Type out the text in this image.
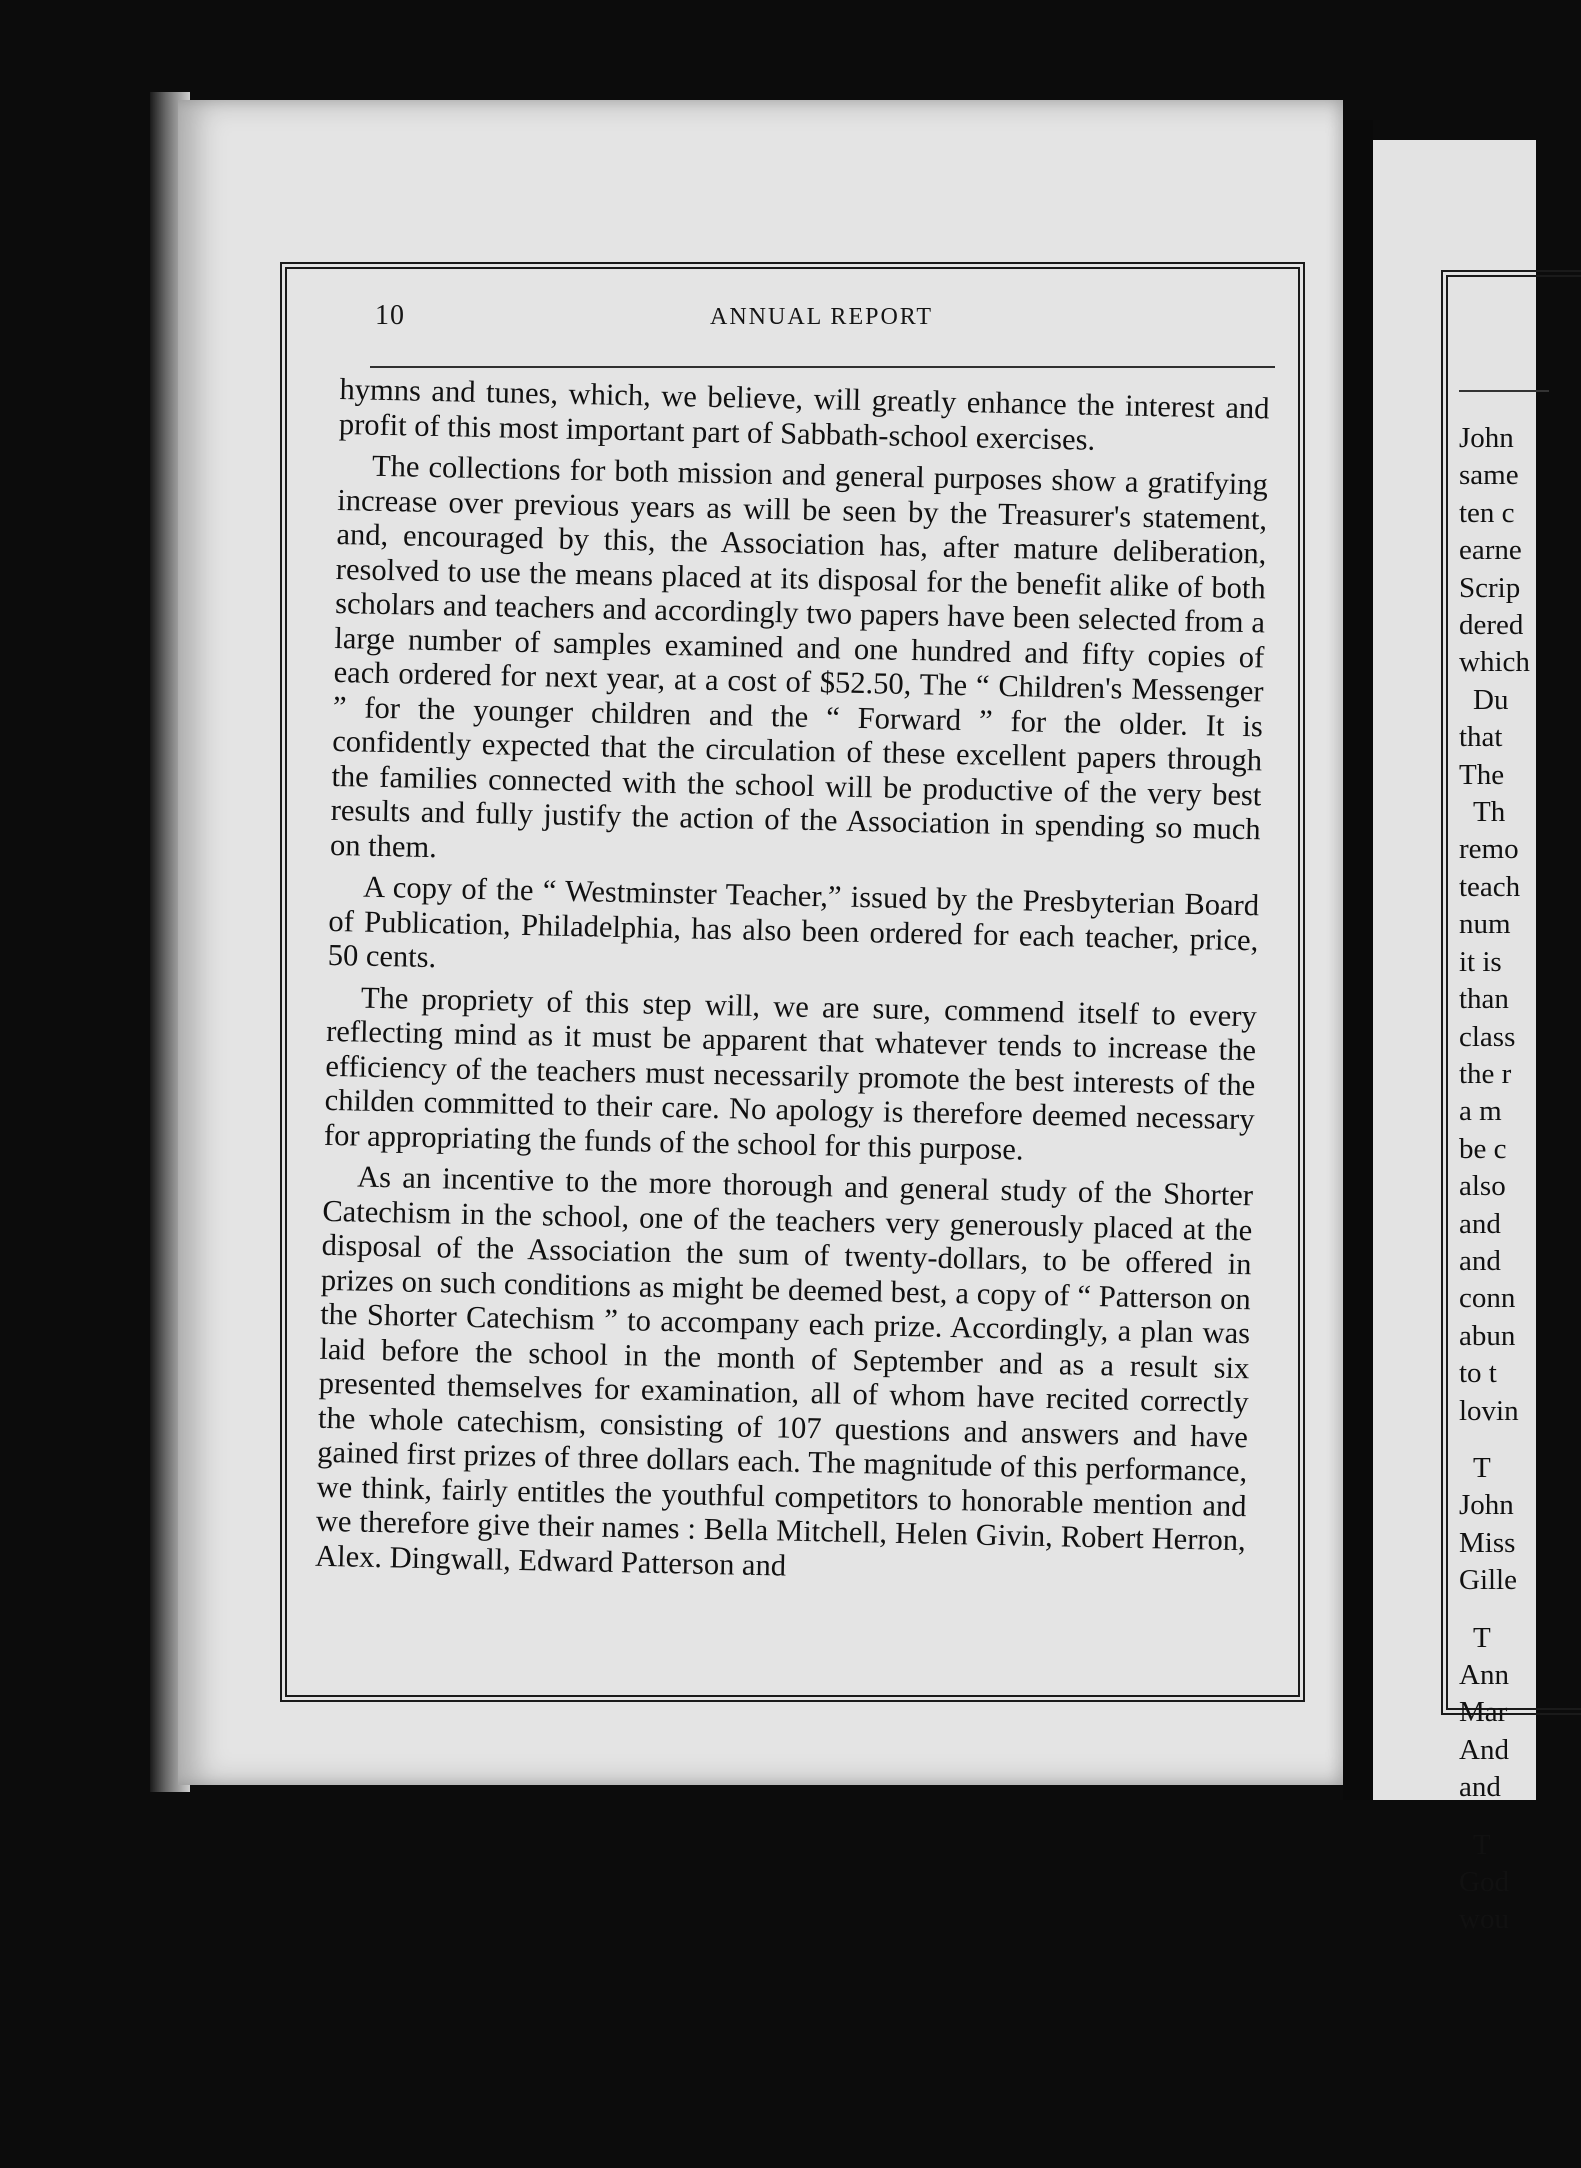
John
same
ten c
earne
Scrip
dered
which
Du
that
The
Th
remo
teach
num
it is
than
class
the r
a m
be c
also
and
and
conn
abun
to t
lovin
T
John
Miss
Gille
T
Ann
Mar
And
and
T
God
wou
10	ANNUAL REPORT

hymns and tunes, which, we believe, will greatly enhance the interest and profit of this most important part of Sabbath-school exercises.

The collections for both mission and general purposes show a gratifying increase over previous years as will be seen by the Treasurer's statement, and, encouraged by this, the Association has, after mature deliberation, resolved to use the means placed at its disposal for the benefit alike of both scholars and teachers and accordingly two papers have been selected from a large number of samples examined and one hundred and fifty copies of each ordered for next year, at a cost of $52.50, The “ Children's Messenger ” for the younger children and the “ Forward ” for the older. It is confidently expected that the circulation of these excellent papers through the families connected with the school will be productive of the very best results and fully justify the action of the Association in spending so much on them.

A copy of the “ Westminster Teacher,” issued by the Presbyterian Board of Publication, Philadelphia, has also been ordered for each teacher, price, 50 cents.

The propriety of this step will, we are sure, commend itself to every reflecting mind as it must be apparent that whatever tends to increase the efficiency of the teachers must necessarily promote the best interests of the childen committed to their care. No apology is therefore deemed necessary for appropriating the funds of the school for this purpose.

As an incentive to the more thorough and general study of the Shorter Catechism in the school, one of the teachers very generously placed at the disposal of the Association the sum of twenty-dollars, to be offered in prizes on such conditions as might be deemed best, a copy of “ Patterson on the Shorter Catechism ” to accompany each prize. Accordingly, a plan was laid before the school in the month of September and as a result six presented themselves for examination, all of whom have recited correctly the whole catechism, consisting of 107 questions and answers and have gained first prizes of three dollars each. The magnitude of this performance, we think, fairly entitles the youthful competitors to honorable mention and we therefore give their names : Bella Mitchell, Helen Givin, Robert Herron, Alex. Dingwall, Edward Patterson and
